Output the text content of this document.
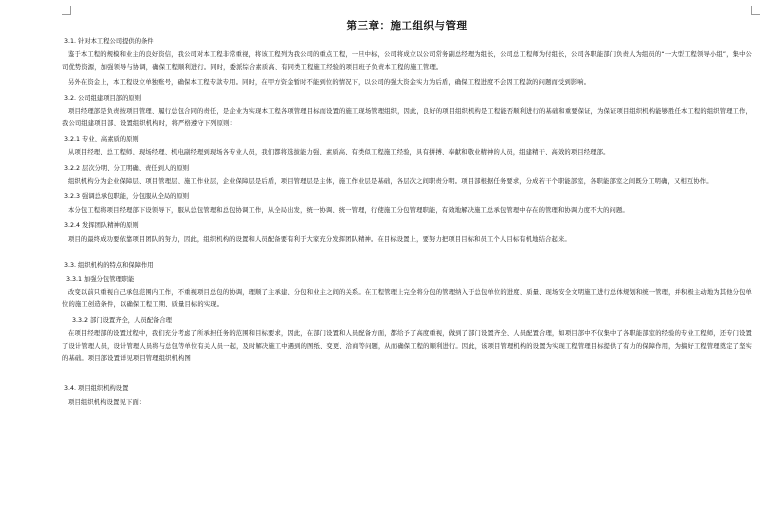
第三章：施工组织与管理
3.1. 针对本工程公司提供的条件
鉴于本工程的规模和业主的良好资信，我公司对本工程非常重视，将该工程列为我公司的重点工程，一旦中标，公司将成立以公司常务副总经理为组长，公司总工程师为付组长，公司各职能部门负责人为组员的“一大型工程领导小组”，集中公司优势资源，加强领导与协调，确保工程顺利进行。同时，委派综合素质高、有同类工程施工经验的项目班子负责本工程的施工管理。
另外在资金上，本工程设立单独账号，确保本工程专款专用。同时，在甲方资金暂时不能到位的情况下，以公司的强大资金实力为后盾，确保工程进度不会因工程款的问题而受到影响。
3.2. 公司组建项目部的原则
项目经理部是负责按项目管理、履行总包合同的责任，是企业为实现本工程各项管理目标而设置的施工现场管理组织，因此，良好的项目组织机构是工程能否顺利进行的基础和重要保证，为保证项目组织机构能够胜任本工程的组织管理工作，我公司组建项目部、设置组织机构时，将严格遵守下列原则：
3.2.1 专业、高素质的原则
从项目经理、总工程师、现场经理、机电副经理到现场各专业人员，我们都将选拔能力强、素质高、有类似工程施工经验，具有拼搏、奉献和敬业精神的人员，组建精干、高效的项目经理部。
3.2.2 层次分明、分工明确、责任到人的原则
组织机构分为企业保障层、项目管理层、施工作业层，企业保障层是后盾，项目管理层是主体，施工作业层是基础，各层次之间职责分明。项目部根据任务要求，分成若干个职能部室，各职能部室之间既分工明确，又相互协作。
3.2.3 强调总承包职能，分包服从全局的原则
本分包工程将项目经理部下设领导下，服从总包管理和总包协调工作，从全局出发，统一协调、统一管理，行使施工分包管理职能，有效地解决施工总承包管理中存在的管理和协调力度不大的问题。
3.2.4 发挥团队精神的原则
项目的最终成功要依靠项目团队的努力，因此，组织机构的设置和人员配备要有利于大家充分发挥团队精神。在目标设置上，要努力把项目目标和员工个人目标有机地结合起来。
3.3. 组织机构的特点和保障作用
3.3.1 加强分包管理职能
改变以前只重视自己承包范围内工作，不重视项目总包的协调，理顺了主承建、分包和业主之间的关系。在工程管理上完全将分包的管理纳入于总包单位的进度、质量、现场安全文明施工进行总体规划和统一管理，并积极主动地为其他分包单位的施工创造条件，以确保工程工期、质量目标的实现。
3.3.2 部门设置齐全，人员配备合理
在项目经理部的设置过程中，我们充分考虑了所承担任务的范围和目标要求，因此，在部门设置和人员配备方面，都给予了高度重视，做到了部门设置齐全、人员配置合理，如项目部中不仅集中了各职能部室的经验的专业工程师，还专门设置了设计管理人员，设计管理人员将与总包等单位有关人员一起，及时解决施工中遇到的图纸、变更、洽商等问题，从而确保工程的顺利进行。因此，该项目管理机构的设置为实现工程管理目标提供了有力的保障作用，为搞好工程管理奠定了坚实的基础。项目部设置详见项目管理组织机构图
3.4. 项目组织机构设置
项目组织机构设置见下面：
